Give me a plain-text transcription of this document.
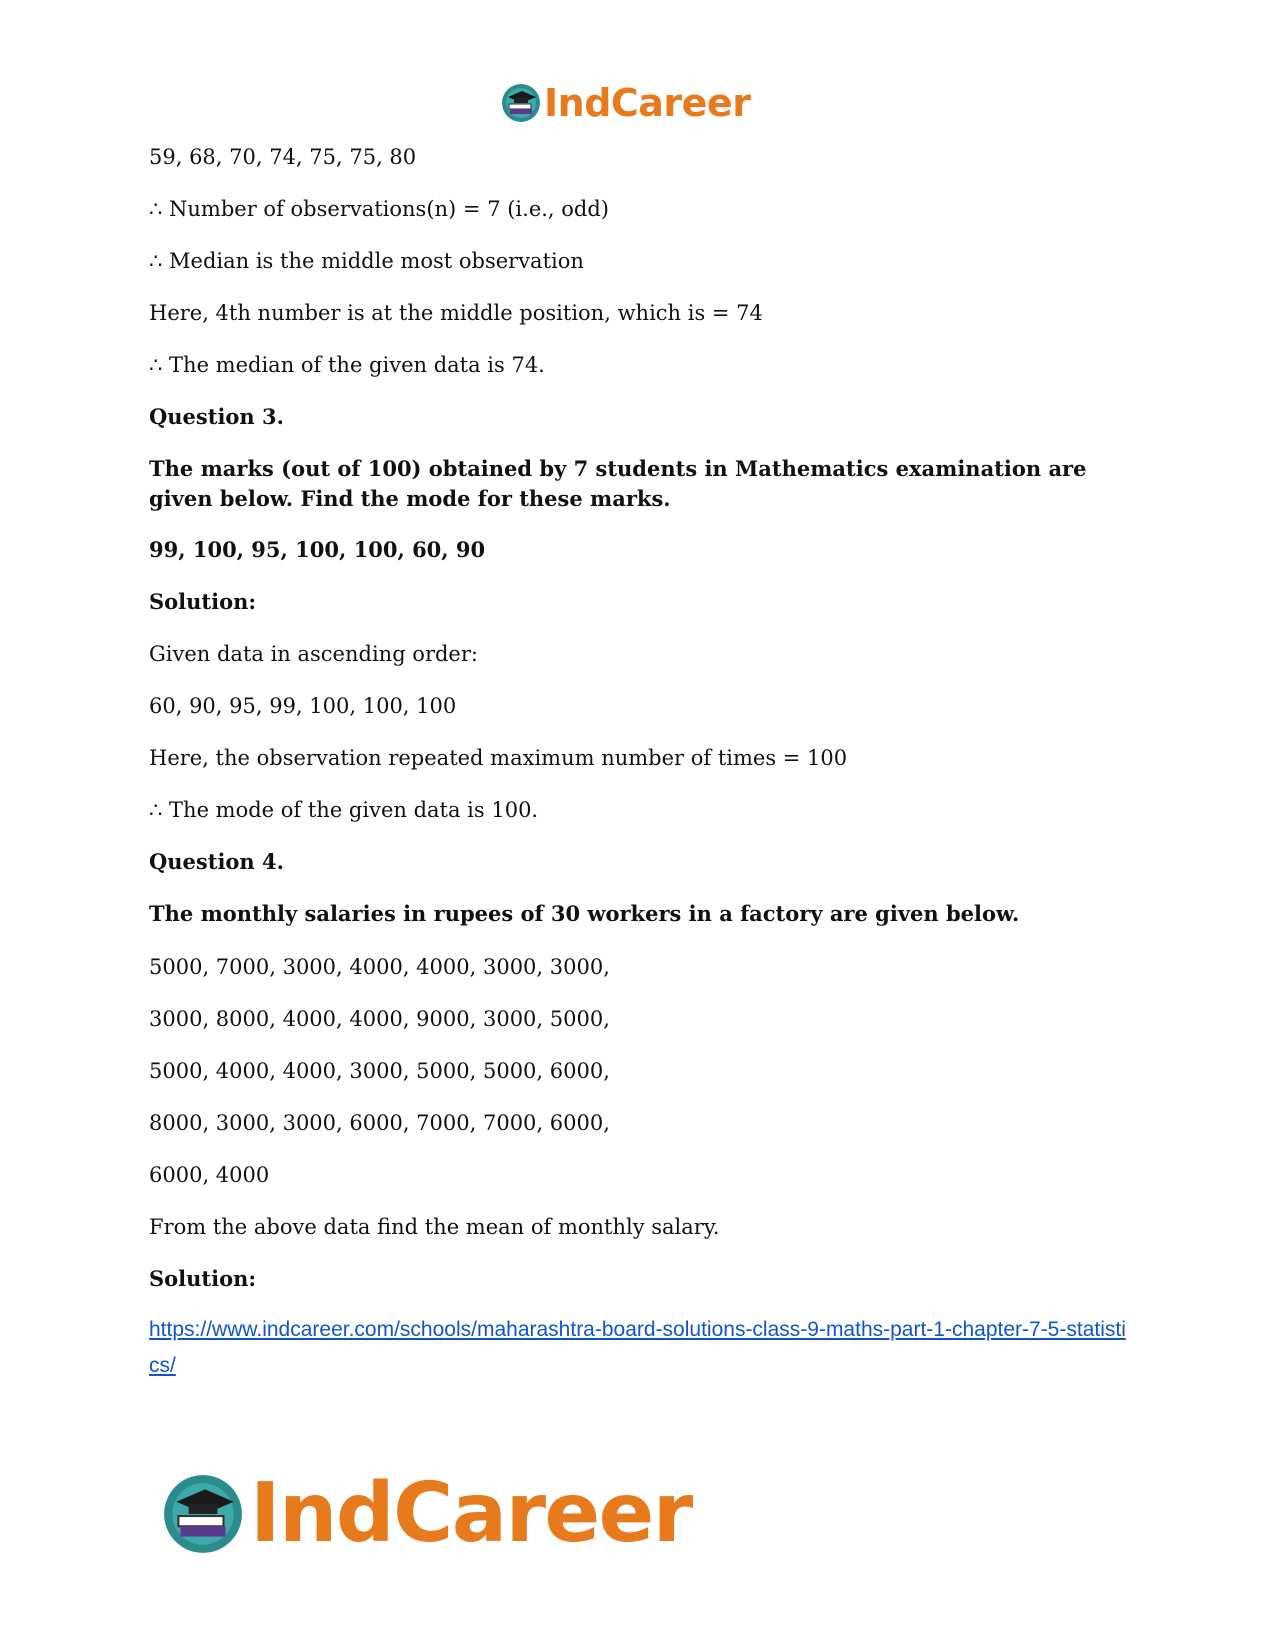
IndCareer
59, 68, 70, 74, 75, 75, 80
∴ Number of observations(n) = 7 (i.e., odd)
∴ Median is the middle most observation
Here, 4th number is at the middle position, which is = 74
∴ The median of the given data is 74.
Question 3.
The marks (out of 100) obtained by 7 students in Mathematics examination are given below. Find the mode for these marks.
99, 100, 95, 100, 100, 60, 90
Solution:
Given data in ascending order:
60, 90, 95, 99, 100, 100, 100
Here, the observation repeated maximum number of times = 100
∴ The mode of the given data is 100.
Question 4.
The monthly salaries in rupees of 30 workers in a factory are given below.
5000, 7000, 3000, 4000, 4000, 3000, 3000,
3000, 8000, 4000, 4000, 9000, 3000, 5000,
5000, 4000, 4000, 3000, 5000, 5000, 6000,
8000, 3000, 3000, 6000, 7000, 7000, 6000,
6000, 4000
From the above data find the mean of monthly salary.
Solution:
https://www.indcareer.com/schools/maharashtra-board-solutions-class-9-maths-part-1-chapter-7-5-statistics/
IndCareer
